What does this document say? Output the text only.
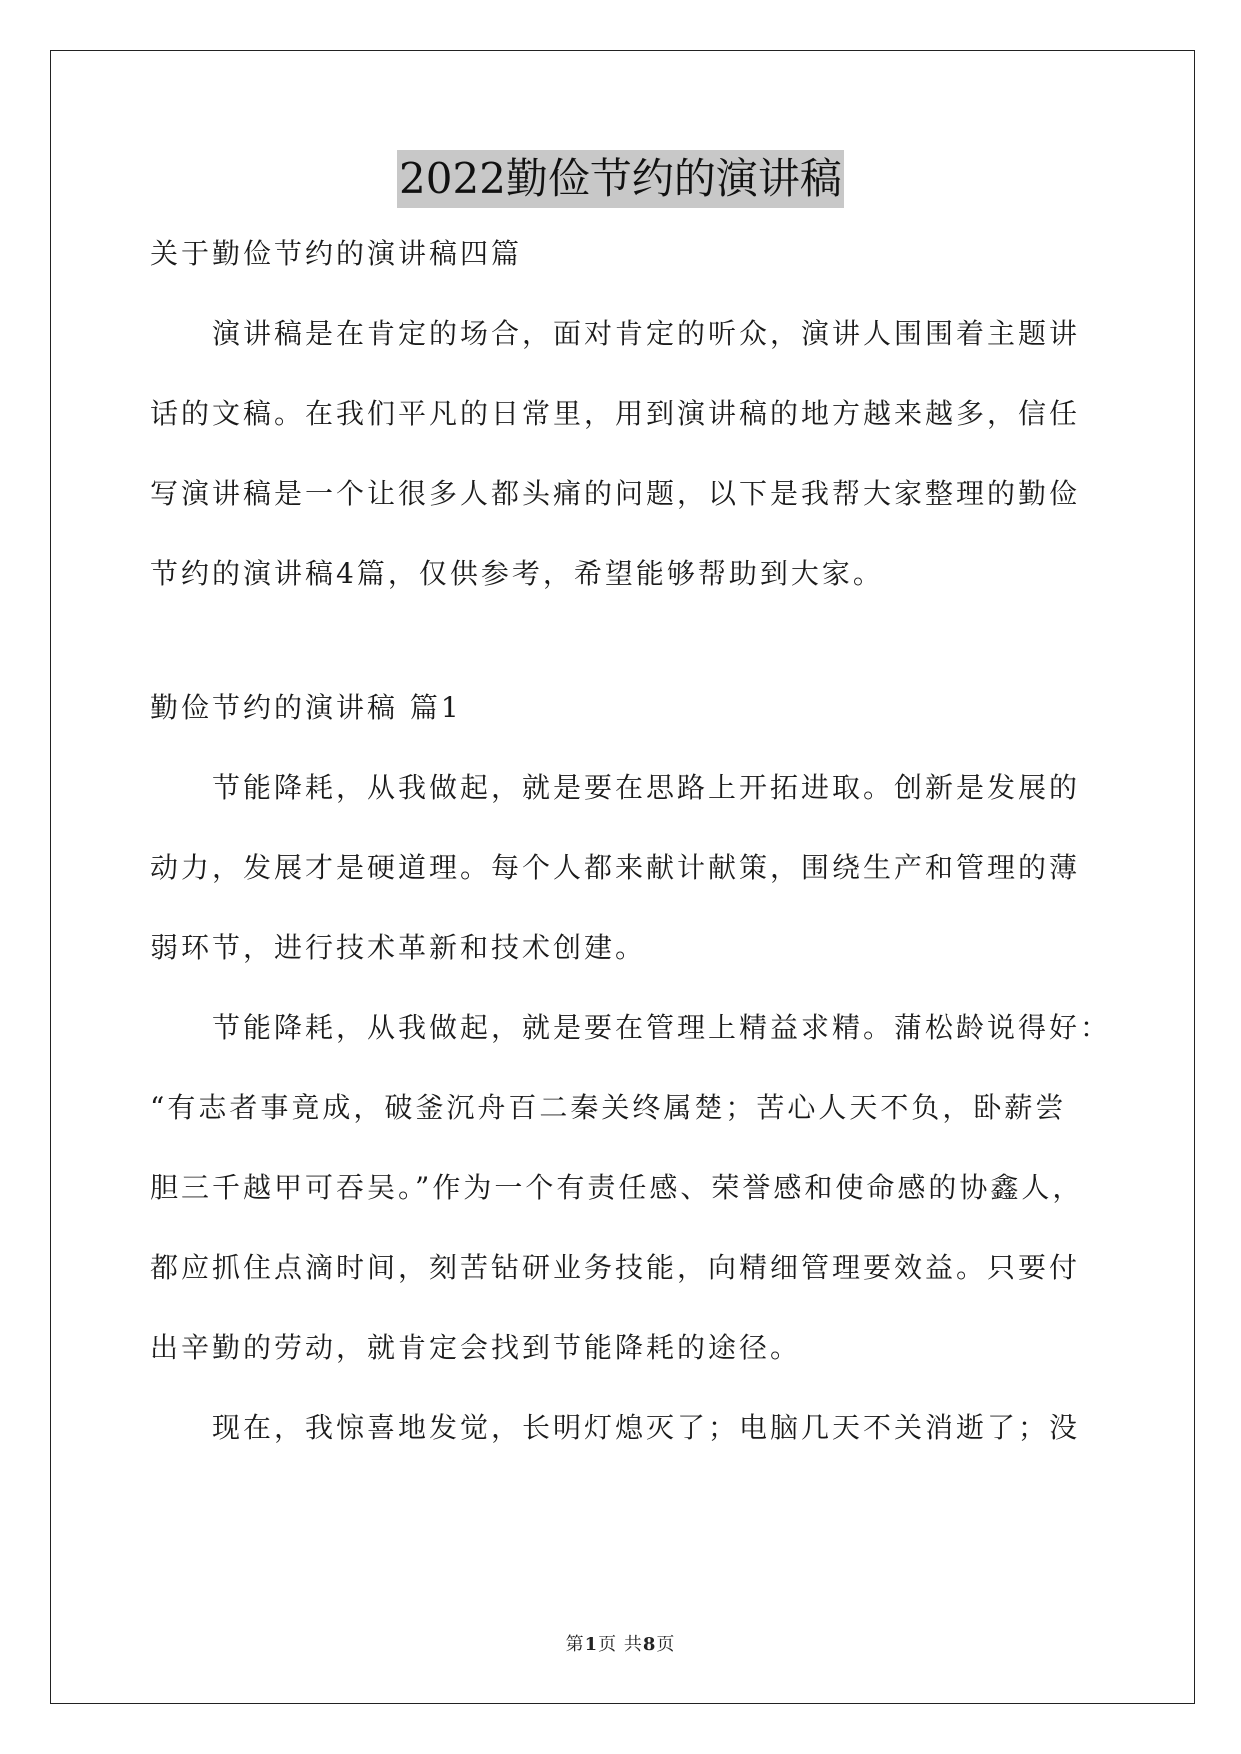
2022勤俭节约的演讲稿
关于勤俭节约的演讲稿四篇
演讲稿是在肯定的场合，面对肯定的听众，演讲人围围着主题讲
话的文稿。在我们平凡的日常里，用到演讲稿的地方越来越多，信任
写演讲稿是一个让很多人都头痛的问题，以下是我帮大家整理的勤俭
节约的演讲稿4篇，仅供参考，希望能够帮助到大家。
勤俭节约的演讲稿 篇1
节能降耗，从我做起，就是要在思路上开拓进取。创新是发展的
动力，发展才是硬道理。每个人都来献计献策，围绕生产和管理的薄
弱环节，进行技术革新和技术创建。
节能降耗，从我做起，就是要在管理上精益求精。蒲松龄说得好：
“有志者事竟成，破釜沉舟百二秦关终属楚；苦心人天不负，卧薪尝
胆三千越甲可吞吴。”作为一个有责任感、荣誉感和使命感的协鑫人，
都应抓住点滴时间，刻苦钻研业务技能，向精细管理要效益。只要付
出辛勤的劳动，就肯定会找到节能降耗的途径。
现在，我惊喜地发觉，长明灯熄灭了；电脑几天不关消逝了；没
第1页 共8页
